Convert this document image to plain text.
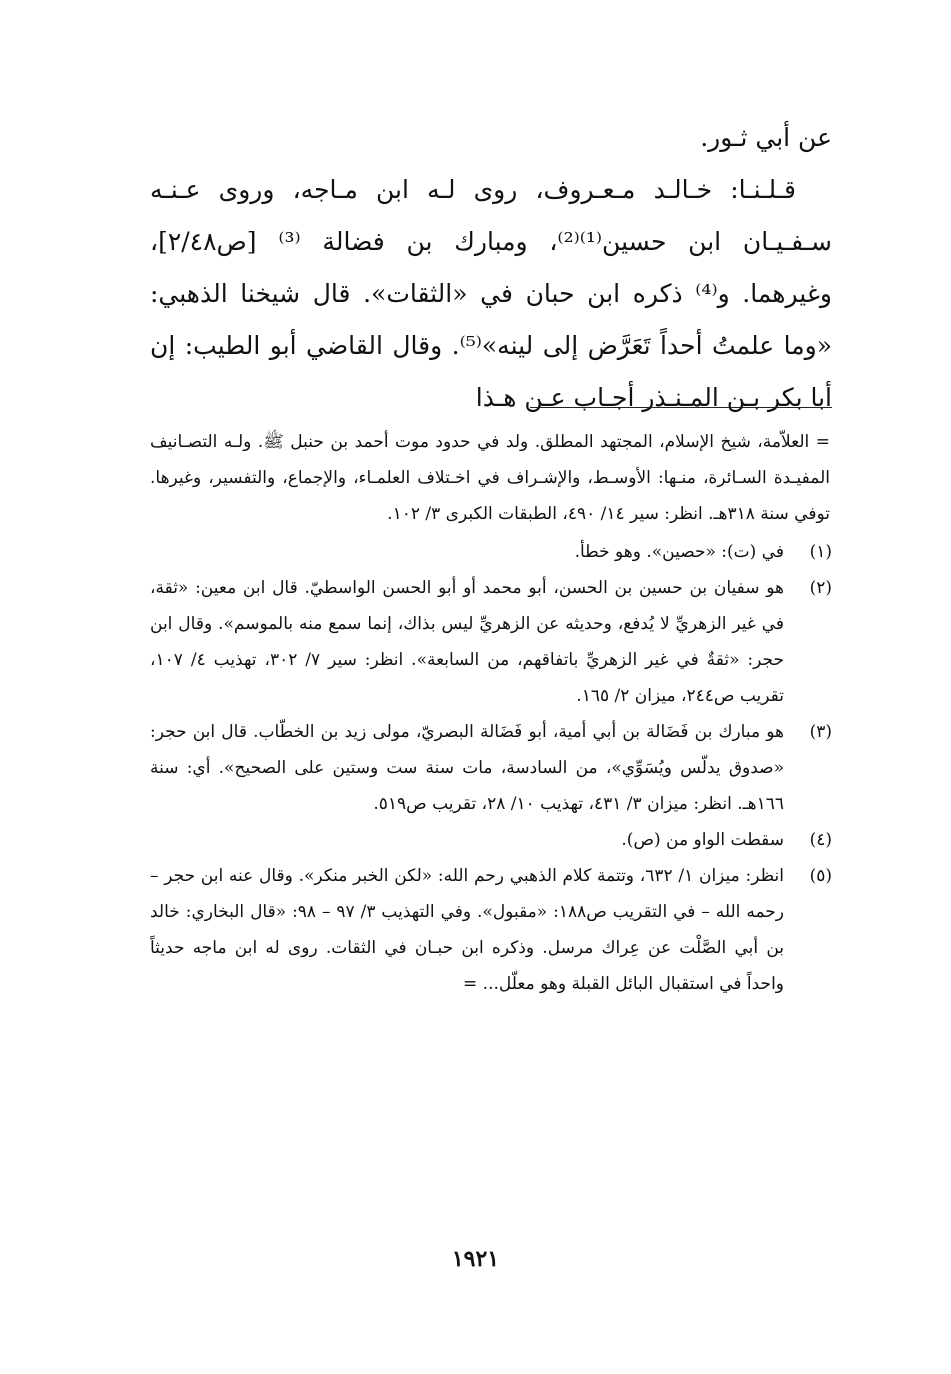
عن أبي ثـور.

قـلـنـا: خـالـد مـعـروف، روى لـه ابن مـاجه، وروى عـنـه سـفـيـان ابن حسين⁽¹⁾⁽²⁾، ومبارك بن فضالة ⁽³⁾ [ص٢/٤٨]، وغيرهما. و⁽⁴⁾ ذكره ابن حبان في «الثقات». قال شيخنا الذهبي: «وما علمتُ أحداً تَعَرَّض إلى لينه»⁽⁵⁾. وقال القاضي أبو الطيب: إن أبا بكر بـن المـنـذر أجـاب عـن هـذا

= العلاّمة، شيخ الإسلام، المجتهد المطلق. ولد في حدود موت أحمد بن حنبل ﷺ. ولـه التصـانيف المفيـدة السـائرة، منـها: الأوسـط، والإشـراف في اخـتلاف العلمـاء، والإجماع، والتفسير، وغيرها. توفي سنة ٣١٨هـ. انظر: سير ١٤/ ٤٩٠، الطبقات الكبرى ٣/ ١٠٢.

(١)
في (ت): «حصين». وهو خطأ.
(٢)
هو سفيان بن حسين بن الحسن، أبو محمد أو أبو الحسن الواسطيّ. قال ابن معين: «ثقة، في غير الزهريِّ لا يُدفع، وحديثه عن الزهريِّ ليس بذاك، إنما سمع منه بالموسم». وقال ابن حجر: «ثقةٌ في غير الزهريِّ باتفاقهم، من السابعة». انظر: سير ٧/ ٣٠٢، تهذيب ٤/ ١٠٧، تقريب ص٢٤٤، ميزان ٢/ ١٦٥.
(٣)
هو مبارك بن فَضَالة بن أبي أمية، أبو فَضَالة البصريّ، مولى زيد بن الخطّاب. قال ابن حجر: «صدوق يدلّس ويُسَوِّي»، من السادسة، مات سنة ست وستين على الصحيح». أي: سنة ١٦٦هـ. انظر: ميزان ٣/ ٤٣١، تهذيب ١٠/ ٢٨، تقريب ص٥١٩.
(٤)
سقطت الواو من (ص).
(٥)
انظر: ميزان ١/ ٦٣٢، وتتمة كلام الذهبي رحم الله: «لكن الخبر منكر». وقال عنه ابن حجر – رحمه الله – في التقريب ص١٨٨: «مقبول». وفي التهذيب ٣/ ٩٧ – ٩٨: «قال البخاري: خالد بن أبي الصَّلْت عن عِراك مرسل. وذكره ابن حبـان في الثقات. روى له ابن ماجه حديثاً واحداً في استقبال البائل القبلة وهو معلّل... =
١٩٢١
